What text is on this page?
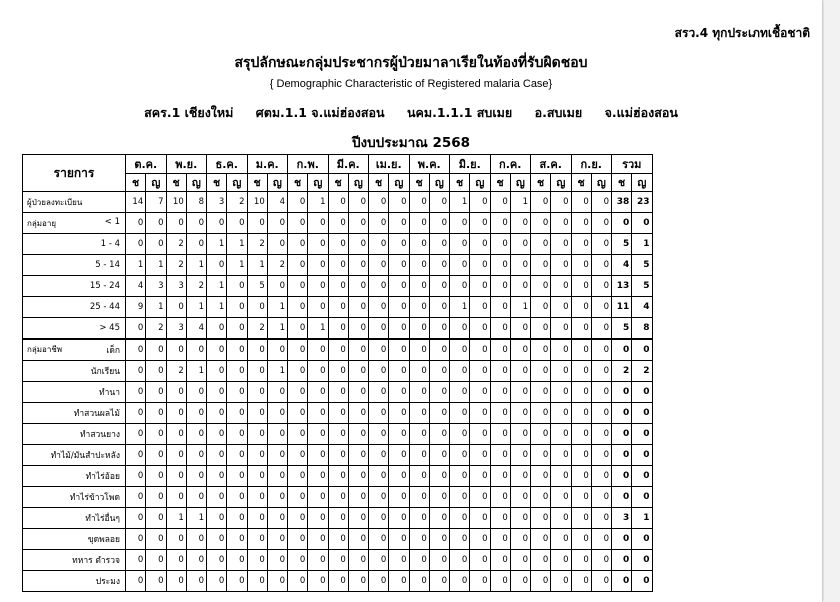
สรว.4 ทุกประเภทเชื้อชาติ
สรุปลักษณะกลุ่มประชากรผู้ป่วยมาลาเรียในท้องที่รับผิดชอบ
{ Demographic Characteristic of Registered malaria Case}
สคร.1 เชียงใหม่ ศตม.1.1 จ.แม่ฮ่องสอน นคม.1.1.1 สบเมย อ.สบเมย จ.แม่ฮ่องสอน
ปีงบประมาณ 2568
รายการ	ต.ค.		พ.ย.		ธ.ค.		ม.ค.		ก.พ.		มี.ค.		เม.ย.		พ.ค.		มิ.ย.		ก.ค.		ส.ค.		ก.ย.		รวม	
	ช	ญ	ช	ญ	ช	ญ	ช	ญ	ช	ญ	ช	ญ	ช	ญ	ช	ญ	ช	ญ	ช	ญ	ช	ญ	ช	ญ	ช	ญ
ผู้ป่วยลงทะเบียน	14	7	10	8	3	2	10	4	0	1	0	0	0	0	0	0	1	0	0	1	0	0	0	0	38	23

กลุ่มอายุ < 1	0	0	0	0	0	0	0	0	0	0	0	0	0	0	0	0	0	0	0	0	0	0	0	0	0	0
1 - 4	0	0	2	0	1	1	2	0	0	0	0	0	0	0	0	0	0	0	0	0	0	0	0	0	5	1
5 - 14	1	1	2	1	0	1	1	2	0	0	0	0	0	0	0	0	0	0	0	0	0	0	0	0	4	5
15 - 24	4	3	3	2	1	0	5	0	0	0	0	0	0	0	0	0	0	0	0	0	0	0	0	0	13	5
25 - 44	9	1	0	1	1	0	0	1	0	0	0	0	0	0	0	0	1	0	0	1	0	0	0	0	11	4
> 45	0	2	3	4	0	0	2	1	0	1	0	0	0	0	0	0	0	0	0	0	0	0	0	0	5	8

กลุ่มอาชีพ เด็ก	0	0	0	0	0	0	0	0	0	0	0	0	0	0	0	0	0	0	0	0	0	0	0	0	0	0
นักเรียน	0	0	2	1	0	0	0	1	0	0	0	0	0	0	0	0	0	0	0	0	0	0	0	0	2	2
ทำนา	0	0	0	0	0	0	0	0	0	0	0	0	0	0	0	0	0	0	0	0	0	0	0	0	0	0
ทำสวนผลไม้	0	0	0	0	0	0	0	0	0	0	0	0	0	0	0	0	0	0	0	0	0	0	0	0	0	0
ทำสวนยาง	0	0	0	0	0	0	0	0	0	0	0	0	0	0	0	0	0	0	0	0	0	0	0	0	0	0
ทำไม้/มันสำปะหลัง	0	0	0	0	0	0	0	0	0	0	0	0	0	0	0	0	0	0	0	0	0	0	0	0	0	0
ทำไร่อ้อย	0	0	0	0	0	0	0	0	0	0	0	0	0	0	0	0	0	0	0	0	0	0	0	0	0	0
ทำไร่ข้าวโพด	0	0	0	0	0	0	0	0	0	0	0	0	0	0	0	0	0	0	0	0	0	0	0	0	0	0
ทำไร่อื่นๆ	0	0	1	1	0	0	0	0	0	0	0	0	0	0	0	0	0	0	0	0	0	0	0	0	3	1
ขุดพลอย	0	0	0	0	0	0	0	0	0	0	0	0	0	0	0	0	0	0	0	0	0	0	0	0	0	0
ทหาร ตำรวจ	0	0	0	0	0	0	0	0	0	0	0	0	0	0	0	0	0	0	0	0	0	0	0	0	0	0
ประมง	0	0	0	0	0	0	0	0	0	0	0	0	0	0	0	0	0	0	0	0	0	0	0	0	0	0
